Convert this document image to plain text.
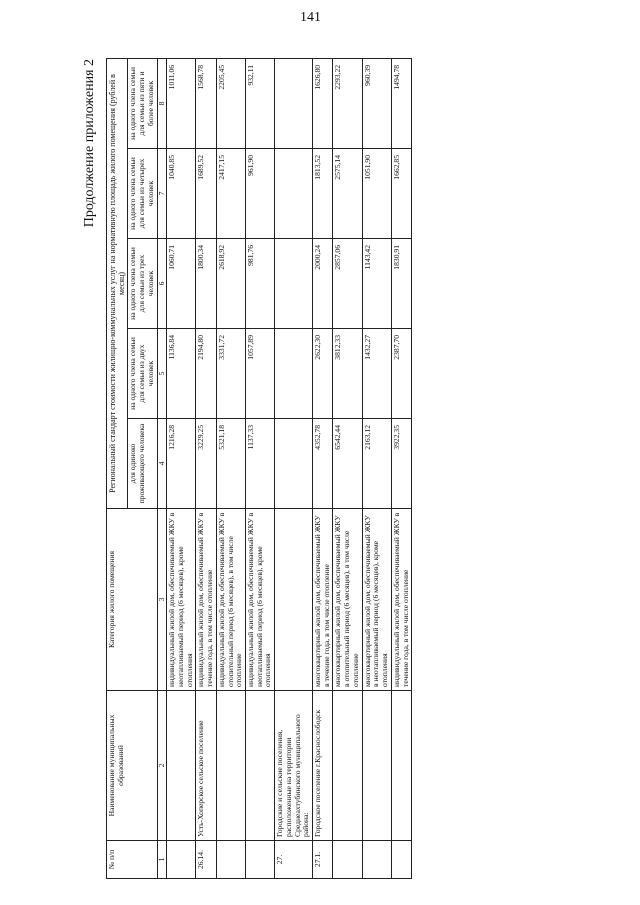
141
Продолжение приложения 2
№ п/п	Наименование муниципальных образований	Категория жилого помещения	Региональный стандарт стоимости жилищно-коммунальных услуг на нормативную площадь жилого помещения (рублей в месяц)				
			для одиноко проживающего человека	на одного члена семьи для семьи из двух человек	на одного члена семьи для семьи из трех человек	на одного члена семьи для семьи из четырех человек	на одного члена семьи для семьи из пяти и более человек
1	2	3	4	5	6	7	8
		индивидуальный жилой дом, обеспечиваемый ЖКУ в неотапливаемый период (6 месяцев), кроме отопления	1216,28	1136,84	1060,71	1040,85	1011,06
26.14.	Усть-Хоперское сельское поселение	индивидуальный жилой дом, обеспечиваемый ЖКУ в течение года, в том числе отопление	3229,25	2194,80	1800,34	1689,52	1568,78
		индивидуальный жилой дом, обеспечиваемый ЖКУ в отопительный период (6 месяцев), в том числе отопление	5321,18	3331,72	2618,92	2417,15	2205,45
		индивидуальный жилой дом, обеспечиваемый ЖКУ в неотапливаемый период (6 месяцев), кроме отопления	1137,33	1057,89	981,76	961,90	932,11
27.	Городские и сельские поселения, расположенные на территории Среднеахтубинского муниципального района:						
27.1.	Городское поселение г.Краснослободск	многоквартирный жилой дом, обеспечиваемый ЖКУ в течение года, в том числе отопление	4352,78	2622,30	2000,24	1813,52	1626,80
		многоквартирный жилой дом, обеспечиваемый ЖКУ в отопительный период (6 месяцев), в том числе отопление	6542,44	3812,33	2857,06	2575,14	2293,22
		многоквартирный жилой дом, обеспечиваемый ЖКУ в неотапливаемый период (6 месяцев), кроме отопления	2163,12	1432,27	1143,42	1051,90	960,39
		индивидуальный жилой дом, обеспечиваемый ЖКУ в течение года, в том числе отопление	3922,35	2387,70	1830,91	1662,85	1494,78
